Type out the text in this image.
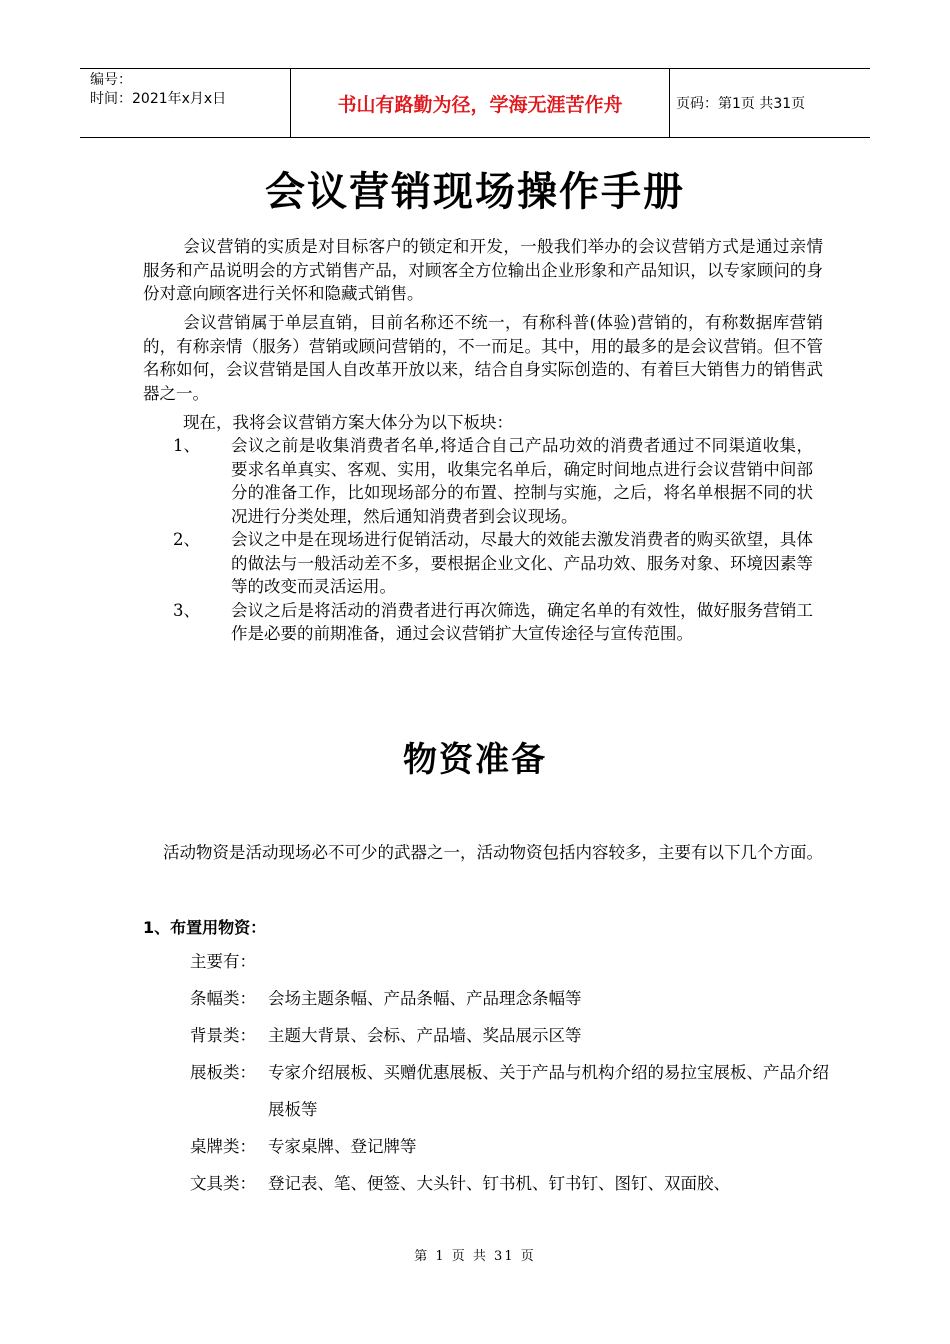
编号：
时间：2021年x月x日	书山有路勤为径，学海无涯苦作舟	页码：第1页 共31页
会议营销现场操作手册

会议营销的实质是对目标客户的锁定和开发，一般我们举办的会议营销方式是通过亲情服务和产品说明会的方式销售产品，对顾客全方位输出企业形象和产品知识，以专家顾问的身份对意向顾客进行关怀和隐藏式销售。

会议营销属于单层直销，目前名称还不统一，有称科普(体验)营销的，有称数据库营销的，有称亲情（服务）营销或顾问营销的，不一而足。其中，用的最多的是会议营销。但不管名称如何，会议营销是国人自改革开放以来，结合自身实际创造的、有着巨大销售力的销售武器之一。

现在，我将会议营销方案大体分为以下板块：

1、	会议之前是收集消费者名单,将适合自己产品功效的消费者通过不同渠道收集，要求名单真实、客观、实用，收集完名单后，确定时间地点进行会议营销中间部分的准备工作，比如现场部分的布置、控制与实施，之后，将名单根据不同的状况进行分类处理，然后通知消费者到会议现场。
2、	会议之中是在现场进行促销活动，尽最大的效能去激发消费者的购买欲望，具体的做法与一般活动差不多，要根据企业文化、产品功效、服务对象、环境因素等等的改变而灵活运用。
3、	会议之后是将活动的消费者进行再次筛选，确定名单的有效性，做好服务营销工作是必要的前期准备，通过会议营销扩大宣传途径与宣传范围。
物资准备

活动物资是活动现场必不可少的武器之一，活动物资包括内容较多，主要有以下几个方面。

1、布置用物资：
主要有：
条幅类： 会场主题条幅、产品条幅、产品理念条幅等
背景类： 主题大背景、会标、产品墙、奖品展示区等
展板类： 专家介绍展板、买赠优惠展板、关于产品与机构介绍的易拉宝展板、产品介绍展板等
桌牌类： 专家桌牌、登记牌等
文具类： 登记表、笔、便签、大头针、钉书机、钉书钉、图钉、双面胶、
第 1 页 共 31 页
